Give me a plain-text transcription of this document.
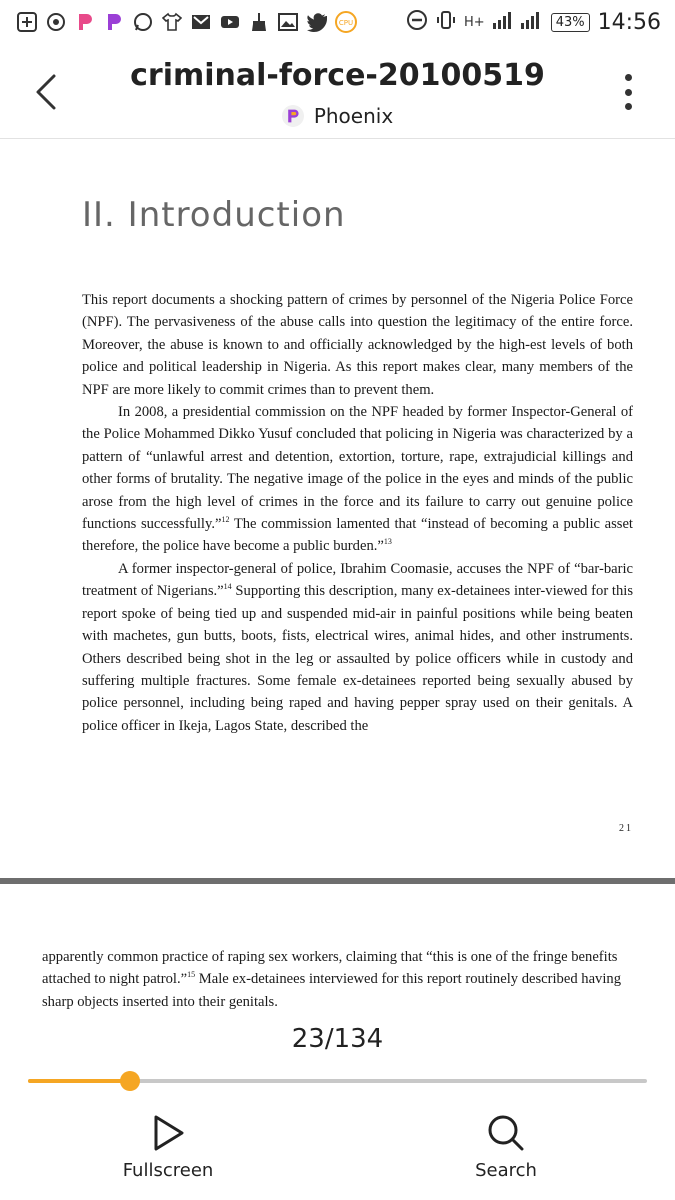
CPU	H+	43% 14:56
criminal-force-20100519
Phoenix
II. Introduction

This report documents a shocking pattern of crimes by personnel of the Nigeria Police Force (NPF). The pervasiveness of the abuse calls into question the legitimacy of the entire force. Moreover, the abuse is known to and officially acknowledged by the high-est levels of both police and political leadership in Nigeria. As this report makes clear, many members of the NPF are more likely to commit crimes than to prevent them.

In 2008, a presidential commission on the NPF headed by former Inspector-General of the Police Mohammed Dikko Yusuf concluded that policing in Nigeria was characterized by a pattern of “unlawful arrest and detention, extortion, torture, rape, extrajudicial killings and other forms of brutality. The negative image of the police in the eyes and minds of the public arose from the high level of crimes in the force and its failure to carry out genuine police functions successfully.”$^{12}$ The commission lamented that “instead of becoming a public asset therefore, the police have become a public burden.”$^{13}$

A former inspector-general of police, Ibrahim Coomasie, accuses the NPF of “bar-baric treatment of Nigerians.”$^{14}$ Supporting this description, many ex-detainees inter-viewed for this report spoke of being tied up and suspended mid-air in painful positions while being beaten with machetes, gun butts, boots, fists, electrical wires, animal hides, and other instruments. Others described being shot in the leg or assaulted by police officers while in custody and suffering multiple fractures. Some female ex-detainees reported being sexually abused by police personnel, including being raped and having pepper spray used on their genitals. A police officer in Ikeja, Lagos State, described the

21
apparently common practice of raping sex workers, claiming that “this is one of the fringe benefits attached to night patrol.”$^{15}$ Male ex-detainees interviewed for this report routinely described having sharp objects inserted into their genitals.
23/134
Fullscreen	Search
